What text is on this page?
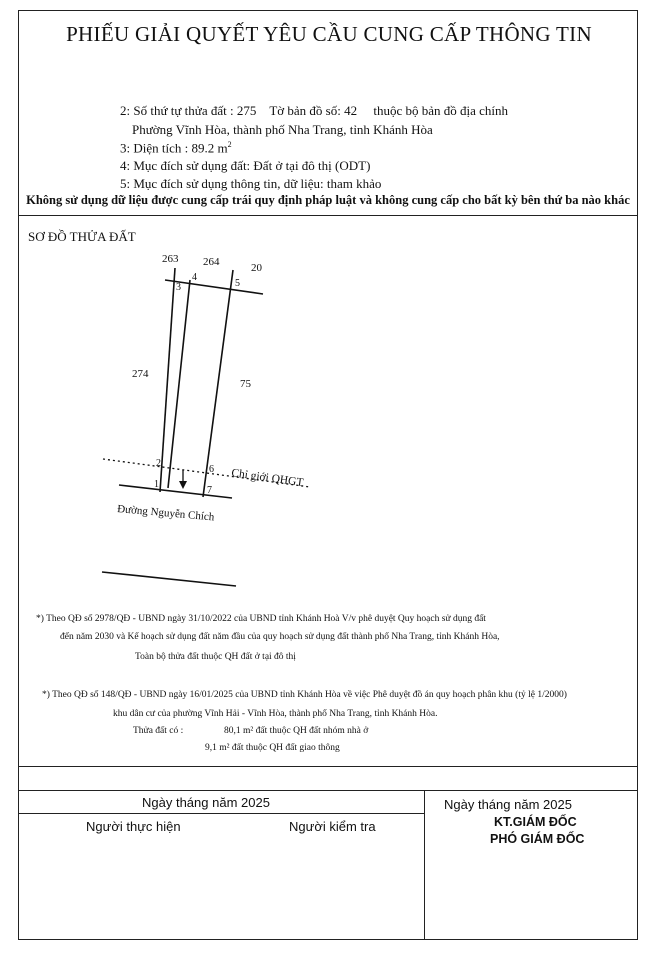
PHIẾU GIẢI QUYẾT YÊU CẦU CUNG CẤP THÔNG TIN
2: Số thứ tự thửa đất : 275 Tờ bản đồ số: 42 thuộc bộ bản đồ địa chính
Phường Vĩnh Hòa, thành phố Nha Trang, tỉnh Khánh Hòa
3: Diện tích : 89.2 $m^2$
4: Mục đích sử dụng đất: Đất ở tại đô thị (ODT)
5: Mục đích sử dụng thông tin, dữ liệu: tham khảo
Không sử dụng dữ liệu được cung cấp trái quy định pháp luật và không cung cấp cho bất kỳ bên thứ ba nào khác
SƠ ĐỒ THỬA ĐẤT
263 264	20
274
75
3
4
5
2
6
1
7
Chỉ giới QHGT
Đường Nguyễn Chích
*) Theo QĐ số 2978/QĐ - UBND ngày 31/10/2022 của UBND tỉnh Khánh Hoà V/v phê duyệt Quy hoạch sử dụng đất
đến năm 2030 và Kế hoạch sử dụng đất năm đầu của quy hoạch sử dụng đất thành phố Nha Trang, tỉnh Khánh Hòa,
Toàn bộ thửa đất thuộc QH đất ở tại đô thị
*) Theo QĐ số 148/QĐ - UBND ngày 16/01/2025 của UBND tỉnh Khánh Hòa về việc Phê duyệt đồ án quy hoạch phân khu (tỷ lệ 1/2000)
khu dân cư của phường Vĩnh Hải - Vĩnh Hòa, thành phố Nha Trang, tỉnh Khánh Hòa.
Thửa đất có :	80,1 m² đất thuộc QH đất nhóm nhà ở
9,1 m² đất thuộc QH đất giao thông
Ngày tháng năm 2025	Ngày tháng năm 2025
Người thực hiện	Người kiểm tra	KT.GIÁM ĐỐC
PHÓ GIÁM ĐỐC
